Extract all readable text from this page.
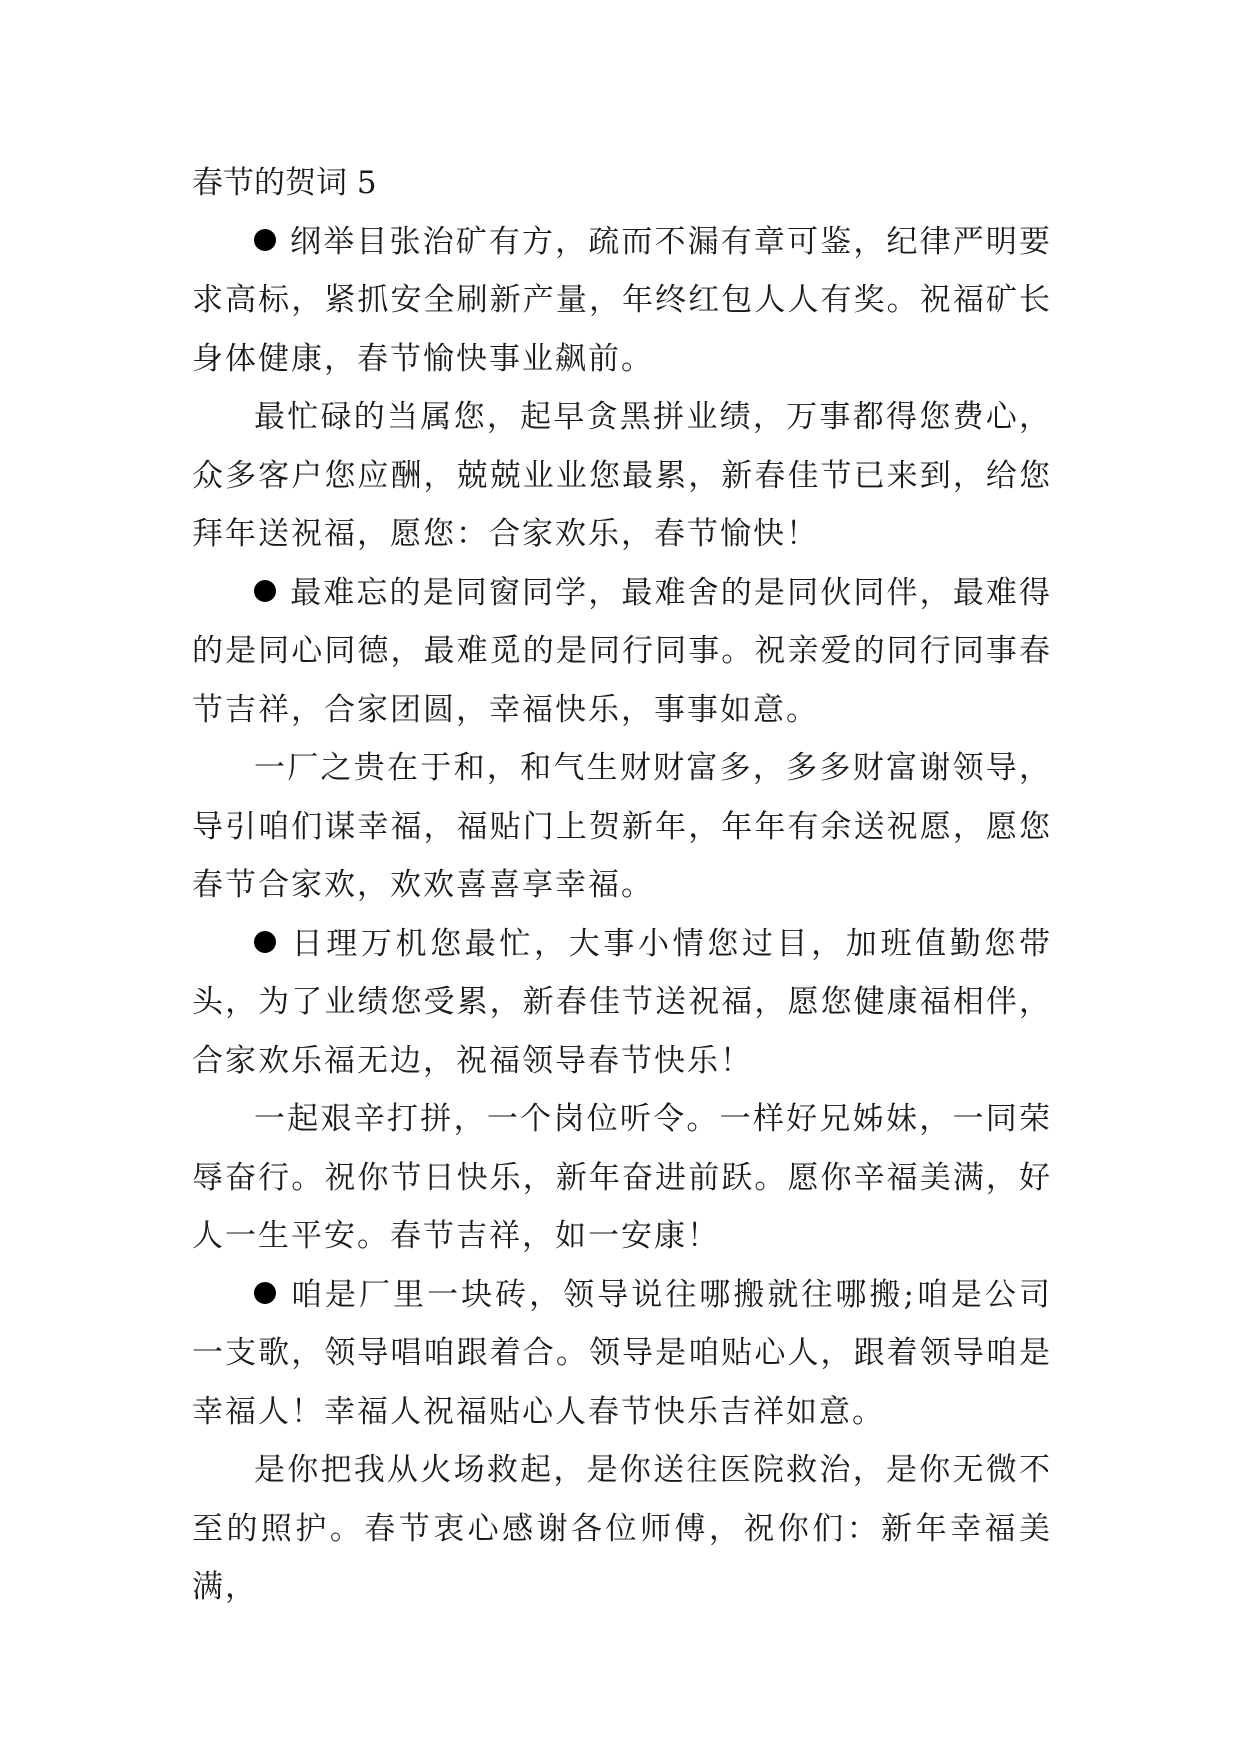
春节的贺词 5

纲举目张治矿有方，疏而不漏有章可鉴，纪律严明要求高标，紧抓安全刷新产量，年终红包人人有奖。祝福矿长身体健康，春节愉快事业飙前。

最忙碌的当属您，起早贪黑拼业绩，万事都得您费心，众多客户您应酬，兢兢业业您最累，新春佳节已来到，给您拜年送祝福，愿您：合家欢乐，春节愉快！

最难忘的是同窗同学，最难舍的是同伙同伴，最难得的是同心同德，最难觅的是同行同事。祝亲爱的同行同事春节吉祥，合家团圆，幸福快乐，事事如意。

一厂之贵在于和，和气生财财富多，多多财富谢领导，导引咱们谋幸福，福贴门上贺新年，年年有余送祝愿，愿您春节合家欢，欢欢喜喜享幸福。

日理万机您最忙，大事小情您过目，加班值勤您带头，为了业绩您受累，新春佳节送祝福，愿您健康福相伴，合家欢乐福无边，祝福领导春节快乐！

一起艰辛打拼，一个岗位听令。一样好兄姊妹，一同荣辱奋行。祝你节日快乐，新年奋进前跃。愿你辛福美满，好人一生平安。春节吉祥，如一安康！

咱是厂里一块砖，领导说往哪搬就往哪搬;咱是公司一支歌，领导唱咱跟着合。领导是咱贴心人，跟着领导咱是幸福人！幸福人祝福贴心人春节快乐吉祥如意。

是你把我从火场救起，是你送往医院救治，是你无微不至的照护。春节衷心感谢各位师傅，祝你们：新年幸福美满，
